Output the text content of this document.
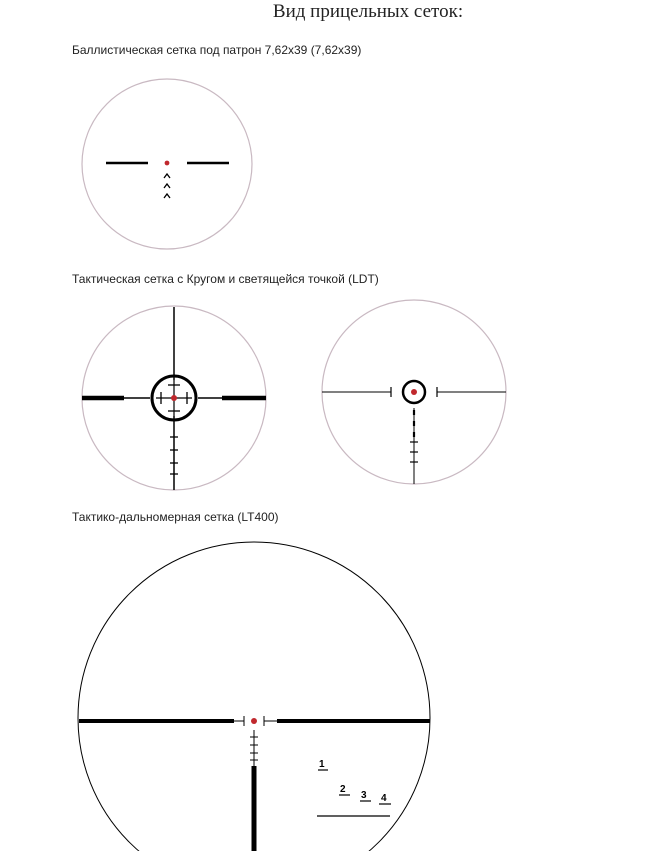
Вид прицельных сеток:
Баллистическая сетка под патрон 7,62х39 (7,62х39)
Тактическая сетка с Кругом и светящейся точкой (LDT)
Тактико-дальномерная сетка (LT400)
1
2
3 4
